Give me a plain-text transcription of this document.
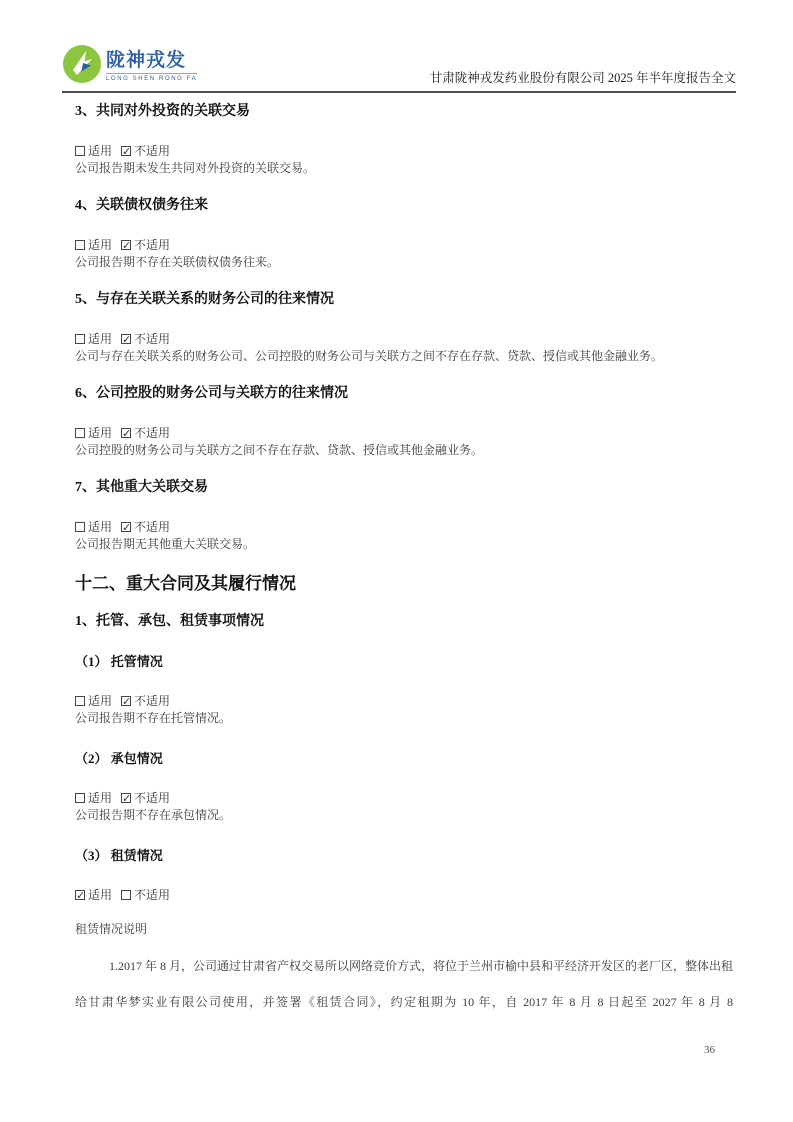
陇神戎发
LONG SHEN RONG FA	甘肃陇神戎发药业股份有限公司 2025 年半年度报告全文
3、共同对外投资的关联交易

适用 ✓ 不适用

公司报告期未发生共同对外投资的关联交易。

4、关联债权债务往来

适用 ✓ 不适用

公司报告期不存在关联债权债务往来。

5、与存在关联关系的财务公司的往来情况

适用 ✓ 不适用

公司与存在关联关系的财务公司、公司控股的财务公司与关联方之间不存在存款、贷款、授信或其他金融业务。

6、公司控股的财务公司与关联方的往来情况

适用 ✓ 不适用

公司控股的财务公司与关联方之间不存在存款、贷款、授信或其他金融业务。

7、其他重大关联交易

适用 ✓ 不适用

公司报告期无其他重大关联交易。

十二、重大合同及其履行情况
1、托管、承包、租赁事项情况
（1） 托管情况

适用 ✓ 不适用

公司报告期不存在托管情况。

（2） 承包情况

适用 ✓ 不适用

公司报告期不存在承包情况。

（3） 租赁情况

✓适用 不适用

租赁情况说明

1.2017 年 8 月，公司通过甘肃省产权交易所以网络竞价方式，将位于兰州市榆中县和平经济开发区的老厂区，整体出租给甘肃华梦实业有限公司使用，并签署《租赁合同》，约定租期为 10 年，自 2017 年 8 月 8 日起至 2027 年 8 月 8

36
